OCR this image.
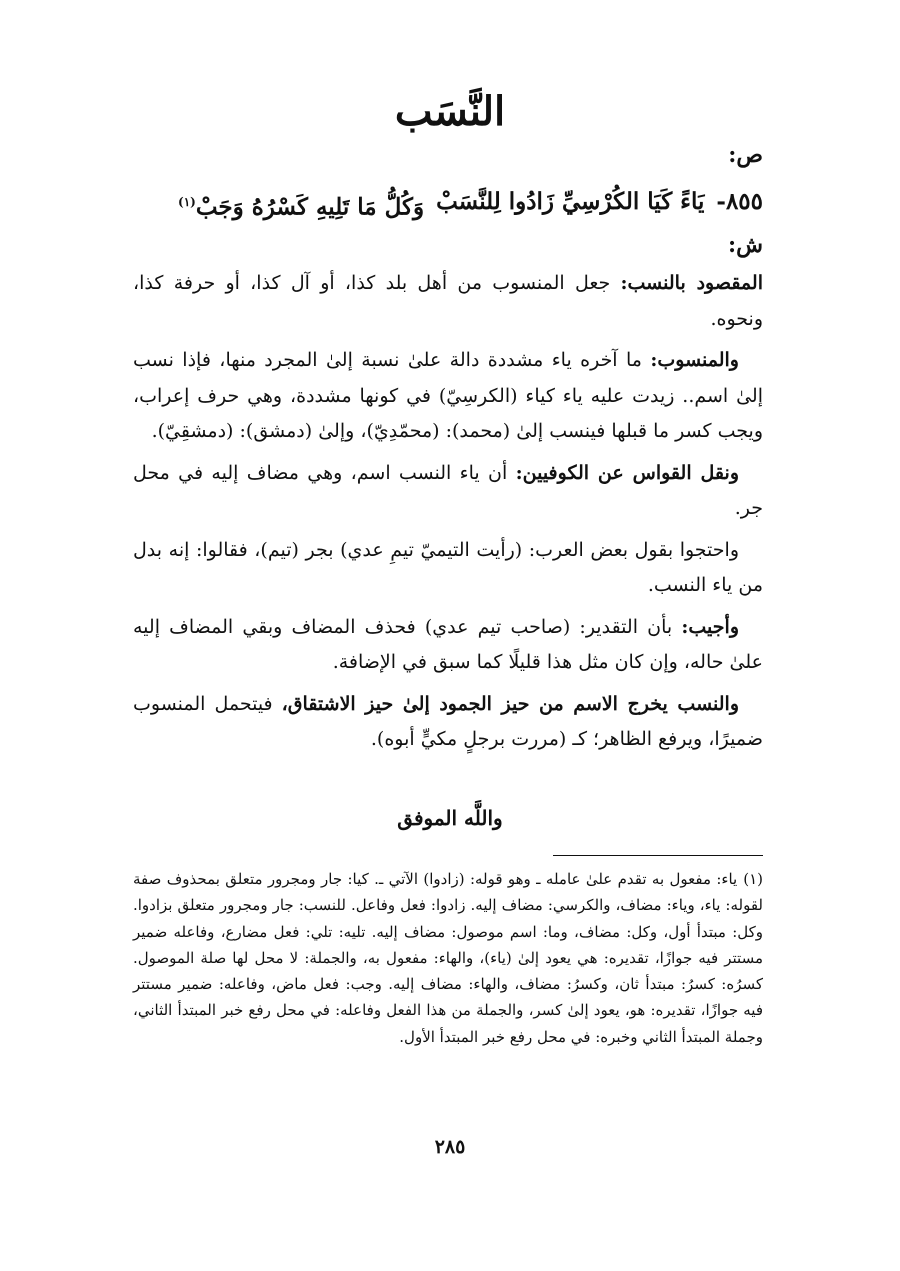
النَّسَب
ص:
٨٥٥-
يَاءً كَيَا الكُرْسِيِّ زَادُوا لِلنَّسَبْ
وَكُلُّ مَا تَلِيهِ كَسْرُهُ وَجَبْ$^{(١)}$
ش:

المقصود بالنسب: جعل المنسوب من أهل بلد كذا، أو آل كذا، أو حرفة كذا، ونحوه.

والمنسوب: ما آخره ياء مشددة دالة علىٰ نسبة إلىٰ المجرد منها، فإذا نسب إلىٰ اسم.. زيدت عليه ياء كياء (الكرسِيّ) في كونها مشددة، وهي حرف إعراب، ويجب كسر ما قبلها فينسب إلىٰ (محمد): (محمّدِيّ)، وإلىٰ (دمشق): (دمشقِيّ).

ونقل القواس عن الكوفيين: أن ياء النسب اسم، وهي مضاف إليه في محل جر.

واحتجوا بقول بعض العرب: (رأيت التيميّ تيمِ عدي) بجر (تيم)، فقالوا: إنه بدل من ياء النسب.

وأجيب: بأن التقدير: (صاحب تيم عدي) فحذف المضاف وبقي المضاف إليه علىٰ حاله، وإن كان مثل هذا قليلًا كما سبق في الإضافة.

والنسب يخرج الاسم من حيز الجمود إلىٰ حيز الاشتقاق، فيتحمل المنسوب ضميرًا، ويرفع الظاهر؛ كـ (مررت برجلٍ مكيٍّ أبوه).

واللَّه الموفق
(١)ياء: مفعول به تقدم علىٰ عامله ـ وهو قوله: (زادوا) الآتي ـ. كيا: جار ومجرور متعلق بمحذوف صفة لقوله: ياء، وياء: مضاف، والكرسي: مضاف إليه. زادوا: فعل وفاعل. للنسب: جار ومجرور متعلق بزادوا. وكل: مبتدأ أول، وكل: مضاف، وما: اسم موصول: مضاف إليه. تليه: تلي: فعل مضارع، وفاعله ضمير مستتر فيه جوازًا، تقديره: هي يعود إلىٰ (ياء)، والهاء: مفعول به، والجملة: لا محل لها صلة الموصول. كسرُه: كسرُ: مبتدأ ثان، وكسرُ: مضاف، والهاء: مضاف إليه. وجب: فعل ماض، وفاعله: ضمير مستتر فيه جوازًا، تقديره: هو، يعود إلىٰ كسر، والجملة من هذا الفعل وفاعله: في محل رفع خبر المبتدأ الثاني، وجملة المبتدأ الثاني وخبره: في محل رفع خبر المبتدأ الأول.
٢٨٥
